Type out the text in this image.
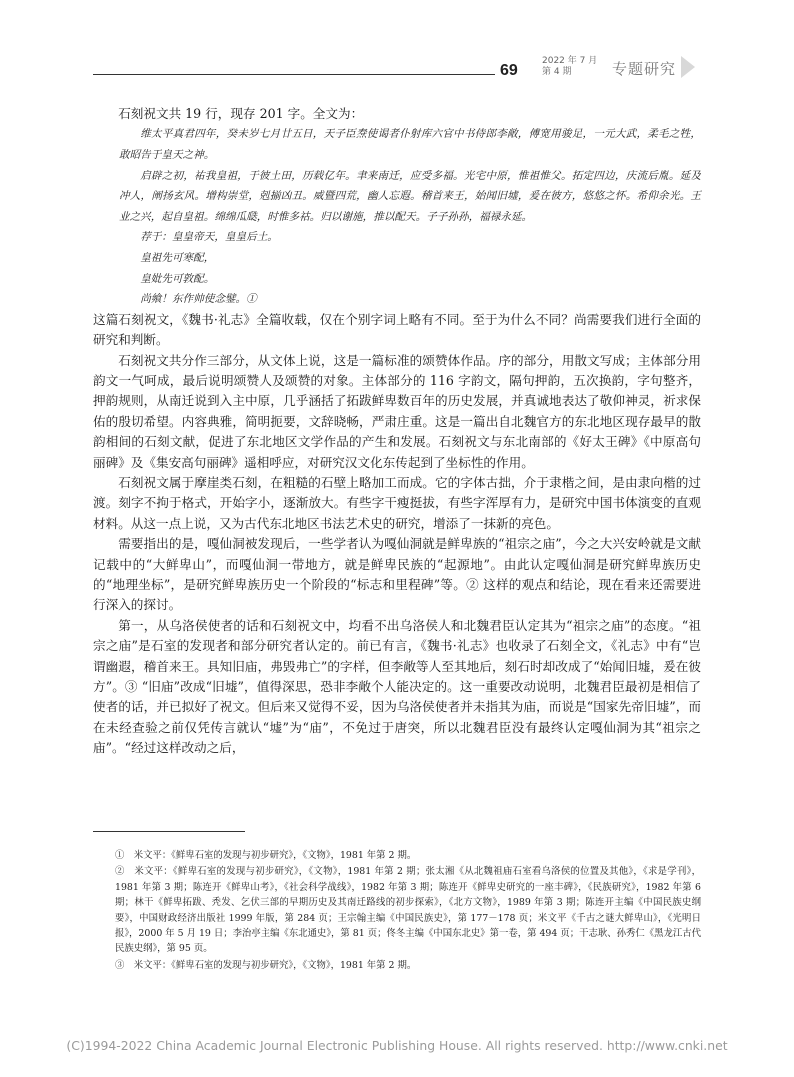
69
2022 年 7 月
第 4 期	专题研究

石刻祝文共 19 行，现存 201 字。全文为：

维太平真君四年，癸未岁七月廿五日，天子臣焘使谒者仆射库六官中书侍郎李敞，傅宽用骏足，一元大武，柔毛之牲，敢昭告于皇天之神。

启辟之初，祐我皇祖，于彼土田，历载亿年。聿来南迁，应受多福。光宅中原，惟祖惟父。拓定四边，庆流后胤。延及冲人，阐扬玄风。增构崇堂，剋揃凶丑。威暨四荒，幽人忘遐。稽首来王，始闻旧墟，爰在彼方，悠悠之怀。希仰余光。王业之兴，起自皇祖。绵绵瓜瓞，时惟多祜。归以谢施，推以配天。子子孙孙，福禄永延。

荐于：皇皇帝天，皇皇后土。

皇祖先可寒配，

皇妣先可敦配。

尚飨！东作帅使念鐾。①

这篇石刻祝文，《魏书·礼志》全篇收载，仅在个别字词上略有不同。至于为什么不同？尚需要我们进行全面的研究和判断。

石刻祝文共分作三部分，从文体上说，这是一篇标准的颂赞体作品。序的部分，用散文写成；主体部分用韵文一气呵成，最后说明颂赞人及颂赞的对象。主体部分的 116 字韵文，隔句押韵，五次换韵，字句整齐，押韵规则，从南迁说到入主中原，几乎涵括了拓跋鲜卑数百年的历史发展，并真诚地表达了敬仰神灵，祈求保佑的殷切希望。内容典雅，简明扼要，文辞晓畅，严肃庄重。这是一篇出自北魏官方的东北地区现存最早的散韵相间的石刻文献，促进了东北地区文学作品的产生和发展。石刻祝文与东北南部的《好太王碑》《中原高句丽碑》及《集安高句丽碑》遥相呼应，对研究汉文化东传起到了坐标性的作用。

石刻祝文属于摩崖类石刻，在粗糙的石壁上略加工而成。它的字体古拙，介于隶楷之间，是由隶向楷的过渡。刻字不拘于格式，开始字小，逐渐放大。有些字干瘦挺拔，有些字浑厚有力，是研究中国书体演变的直观材料。从这一点上说，又为古代东北地区书法艺术史的研究，增添了一抹新的亮色。

需要指出的是，嘎仙洞被发现后，一些学者认为嘎仙洞就是鲜卑族的“祖宗之庙”，今之大兴安岭就是文献记载中的“大鲜卑山”，而嘎仙洞一带地方，就是鲜卑民族的“起源地”。由此认定嘎仙洞是研究鲜卑族历史的“地理坐标”，是研究鲜卑族历史一个阶段的“标志和里程碑”等。② 这样的观点和结论，现在看来还需要进行深入的探讨。

第一，从乌洛侯使者的话和石刻祝文中，均看不出乌洛侯人和北魏君臣认定其为“祖宗之庙”的态度。“祖宗之庙”是石室的发现者和部分研究者认定的。前已有言，《魏书·礼志》也收录了石刻全文，《礼志》中有“岂谓幽遐，稽首来王。具知旧庙，弗毁弗亡”的字样，但李敞等人至其地后，刻石时却改成了“始闻旧墟，爰在彼方”。③ “旧庙”改成“旧墟”，值得深思，恐非李敞个人能决定的。这一重要改动说明，北魏君臣最初是相信了使者的话，并已拟好了祝文。但后来又觉得不妥，因为乌洛侯使者并未指其为庙，而说是“国家先帝旧墟”，而在未经查验之前仅凭传言就认“墟”为“庙”，不免过于唐突，所以北魏君臣没有最终认定嘎仙洞为其“祖宗之庙”。“经过这样改动之后，

①　米文平：《鲜卑石室的发现与初步研究》，《文物》，1981 年第 2 期。

②　米文平：《鲜卑石室的发现与初步研究》，《文物》，1981 年第 2 期；张太湘《从北魏祖庙石室看乌洛侯的位置及其他》，《求是学刊》，1981 年第 3 期；陈连开《鲜卑山考》，《社会科学战线》，1982 年第 3 期；陈连开《鲜卑史研究的一座丰碑》，《民族研究》，1982 年第 6 期；林干《鲜卑拓跋、秃发、乞伏三部的早期历史及其南迁路线的初步探索》，《北方文物》，1989 年第 3 期；陈连开主编《中国民族史纲要》，中国财政经济出版社 1999 年版，第 284 页；王宗翰主编《中国民族史》，第 177－178 页；米文平《千古之谜大鲜卑山》，《光明日报》，2000 年 5 月 19 日；李治亭主编《东北通史》，第 81 页；佟冬主编《中国东北史》第一卷，第 494 页；干志耿、孙秀仁《黑龙江古代民族史纲》，第 95 页。

③　米文平：《鲜卑石室的发现与初步研究》，《文物》，1981 年第 2 期。

(C)1994-2022 China Academic Journal Electronic Publishing House. All rights reserved. http://www.cnki.net
